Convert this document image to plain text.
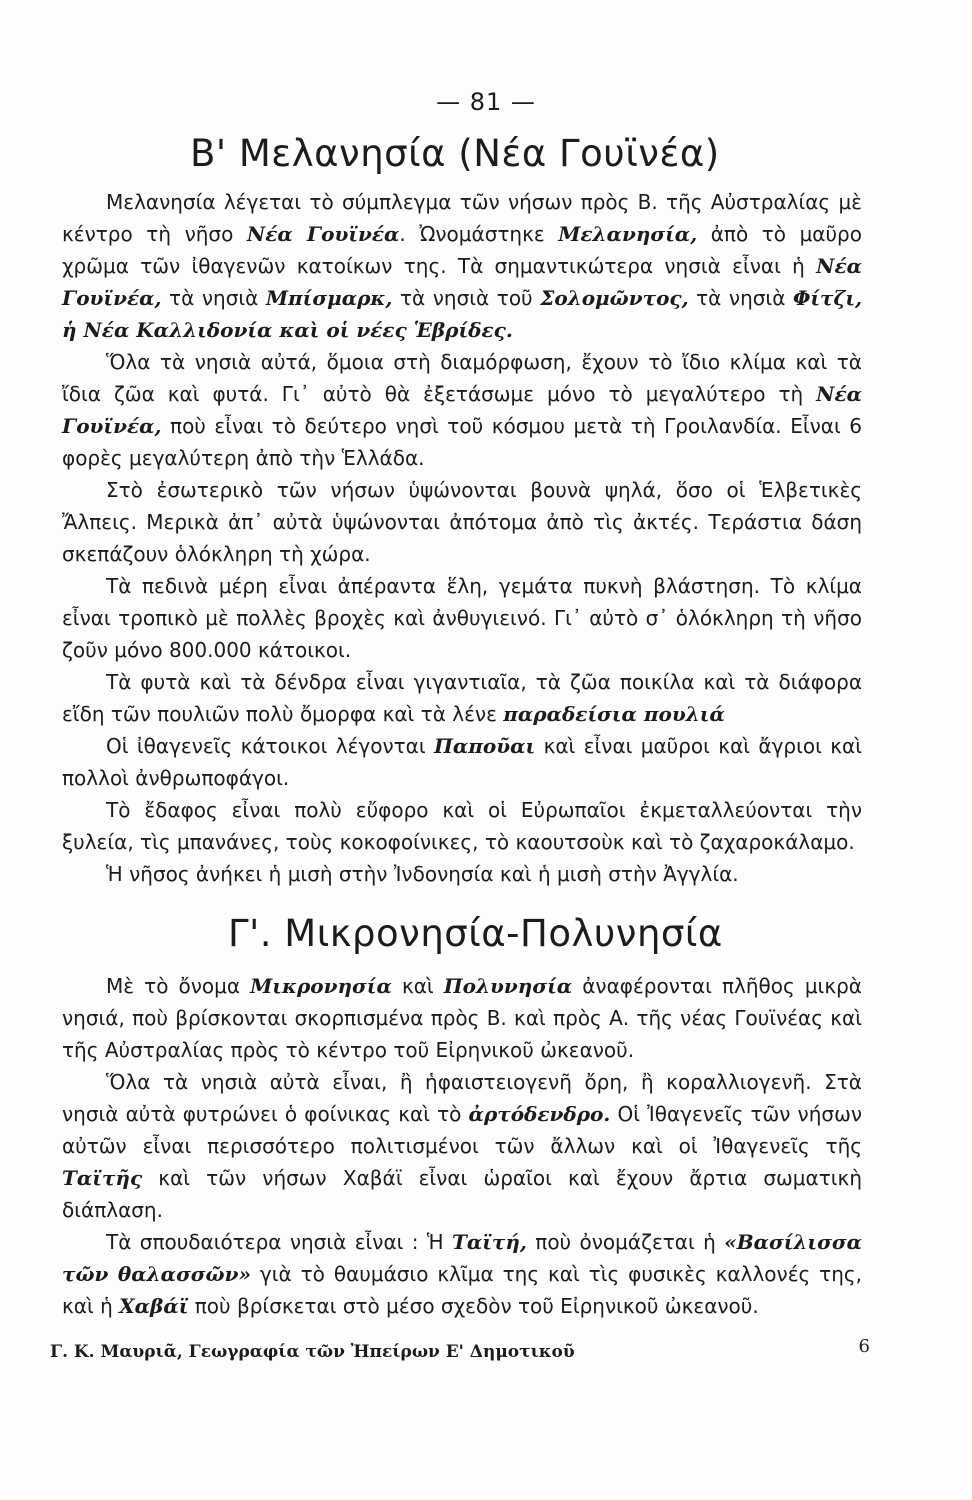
— 81 —
Β' Μελανησία (Νέα Γουϊνέα)

Μελανησία λέγεται τὸ σύμπλεγμα τῶν νήσων πρὸς Β. τῆς Αὐστραλίας μὲ κέντρο τὴ νῆσο Νέα Γουϊνέα. Ὠνομάστηκε Μελανησία, ἀπὸ τὸ μαῦρο χρῶμα τῶν ἰθαγενῶν κατοίκων της. Τὰ σημαντικώτερα νησιὰ εἶναι ἡ Νέα Γουϊνέα, τὰ νησιὰ Μπίσμαρκ, τὰ νησιὰ τοῦ Σολομῶντος, τὰ νησιὰ Φίτζι, ἡ Νέα Καλλιδονία καὶ οἱ νέες Ἑβρίδες.

Ὅλα τὰ νησιὰ αὐτά, ὅμοια στὴ διαμόρφωση, ἔχουν τὸ ἴδιο κλίμα καὶ τὰ ἴδια ζῶα καὶ φυτά. Γι᾽ αὐτὸ θὰ ἐξετάσωμε μόνο τὸ μεγαλύτερο τὴ Νέα Γουϊνέα, ποὺ εἶναι τὸ δεύτερο νησὶ τοῦ κόσμου μετὰ τὴ Γροιλανδία. Εἶναι 6 φορὲς μεγαλύτερη ἀπὸ τὴν Ἑλλάδα.

Στὸ ἐσωτερικὸ τῶν νήσων ὑψώνονται βουνὰ ψηλά, ὅσο οἱ Ἑλβετικὲς Ἄλπεις. Μερικὰ ἀπ᾽ αὐτὰ ὑψώνονται ἀπότομα ἀπὸ τὶς ἀκτές. Τεράστια δάση σκεπάζουν ὁλόκληρη τὴ χώρα.

Τὰ πεδινὰ μέρη εἶναι ἀπέραντα ἕλη, γεμάτα πυκνὴ βλάστηση. Τὸ κλίμα εἶναι τροπικὸ μὲ πολλὲς βροχὲς καὶ ἀνθυγιεινό. Γι᾽ αὐτὸ σ᾽ ὁλόκληρη τὴ νῆσο ζοῦν μόνο 800.000 κάτοικοι.

Τὰ φυτὰ καὶ τὰ δένδρα εἶναι γιγαντιαῖα, τὰ ζῶα ποικίλα καὶ τὰ διάφορα εἴδη τῶν πουλιῶν πολὺ ὄμορφα καὶ τὰ λένε παραδείσια πουλιά

Οἱ ἰθαγενεῖς κάτοικοι λέγονται Παποῦαι καὶ εἶναι μαῦροι καὶ ἄγριοι καὶ πολλοὶ ἀνθρωποφάγοι.

Τὸ ἔδαφος εἶναι πολὺ εὔφορο καὶ οἱ Εὐρωπαῖοι ἐκμεταλλεύονται τὴν ξυλεία, τὶς μπανάνες, τοὺς κοκοφοίνικες, τὸ καουτσοὺκ καὶ τὸ ζαχαροκάλαμο.

Ἡ νῆσος ἀνήκει ἡ μισὴ στὴν Ἰνδονησία καὶ ἡ μισὴ στὴν Ἀγγλία.

Γ'. Μικρονησία-Πολυνησία

Μὲ τὸ ὄνομα Μικρονησία καὶ Πολυνησία ἀναφέρονται πλῆθος μικρὰ νησιά, ποὺ βρίσκονται σκορπισμένα πρὸς Β. καὶ πρὸς Α. τῆς νέας Γουϊνέας καὶ τῆς Αὐστραλίας πρὸς τὸ κέντρο τοῦ Εἰρηνικοῦ ὠκεανοῦ.

Ὅλα τὰ νησιὰ αὐτὰ εἶναι, ἢ ἡφαιστειογενῆ ὄρη, ἢ κοραλλιογενῆ. Στὰ νησιὰ αὐτὰ φυτρώνει ὁ φοίνικας καὶ τὸ ἀρτόδενδρο. Οἱ Ἰθαγενεῖς τῶν νήσων αὐτῶν εἶναι περισσότερο πολιτισμένοι τῶν ἄλλων καὶ οἱ Ἰθαγενεῖς τῆς Ταϊτῆς καὶ τῶν νήσων Χαβάϊ εἶναι ὡραῖοι καὶ ἔχουν ἄρτια σωματικὴ διάπλαση.

Τὰ σπουδαιότερα νησιὰ εἶναι : Ἡ Ταϊτή, ποὺ ὀνομάζεται ἡ «Βασίλισσα τῶν θαλασσῶν» γιὰ τὸ θαυμάσιο κλῖμα της καὶ τὶς φυσικὲς καλλονές της, καὶ ἡ Χαβάϊ ποὺ βρίσκεται στὸ μέσο σχεδὸν τοῦ Εἰρηνικοῦ ὠκεανοῦ.

Γ. Κ. Μαυριᾶ, Γεωγραφία τῶν Ἠπείρων Ε' Δημοτικοῦ	6
